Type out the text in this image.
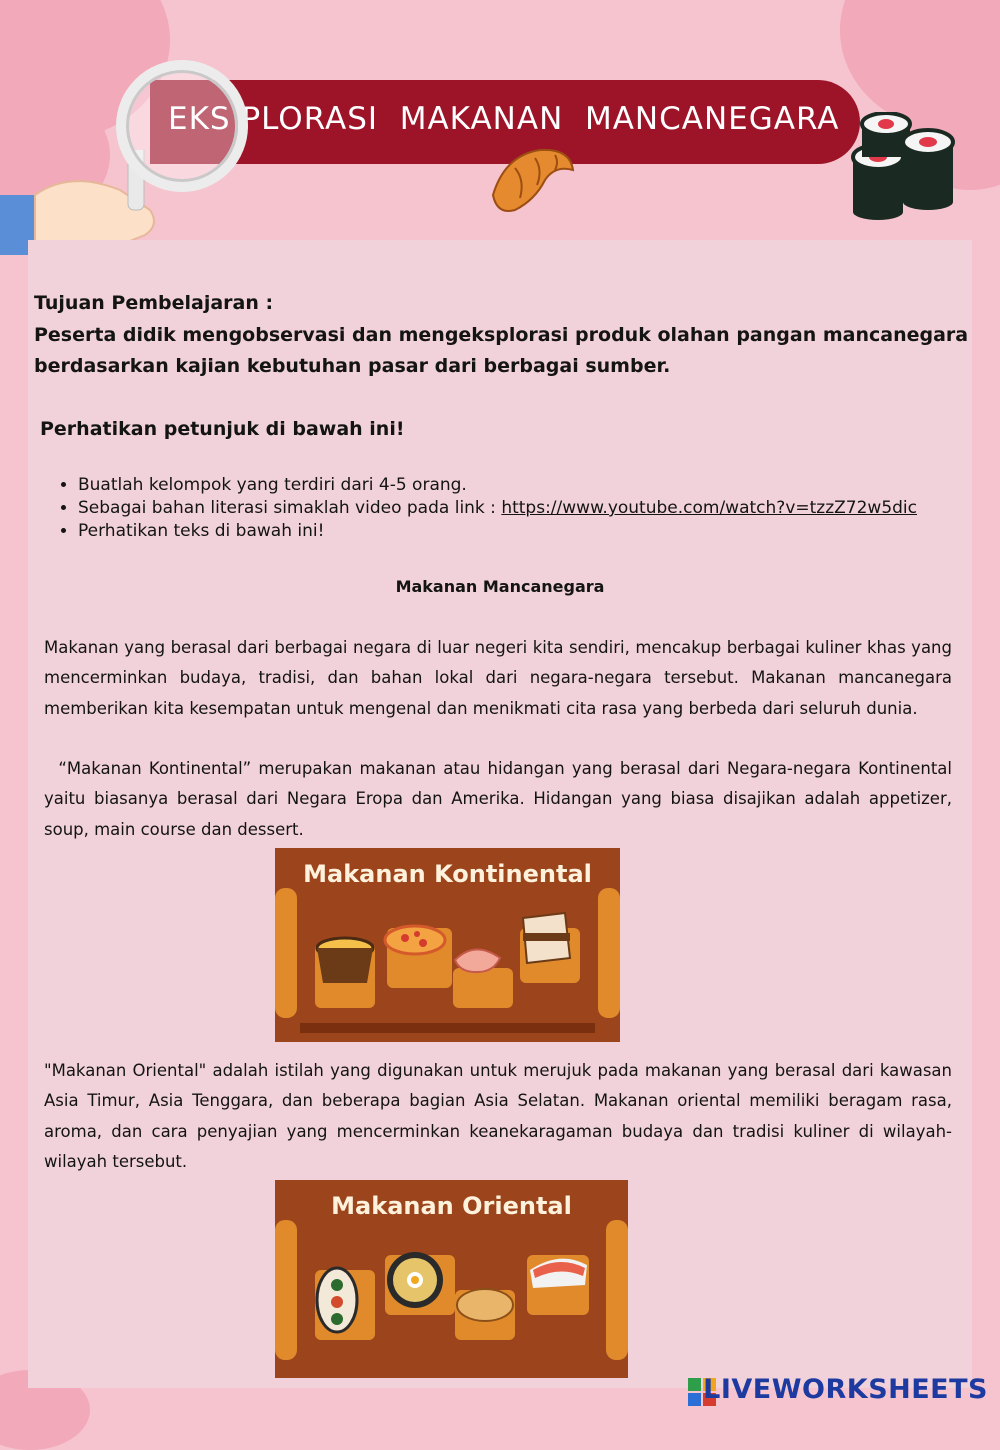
EKS PLORASI  MAKANAN  MANCANEGARA
Tujuan Pembelajaran :
Peserta didik mengobservasi dan mengeksplorasi produk olahan pangan mancanegara berdasarkan kajian kebutuhan pasar dari berbagai sumber.
Perhatikan petunjuk di bawah ini!
• Buatlah kelompok yang terdiri dari 4-5 orang.
• Sebagai bahan literasi simaklah video pada link : https://www.youtube.com/watch?v=tzzZ72w5dic
• Perhatikan teks di bawah ini!
Makanan Mancanegara

Makanan yang berasal dari berbagai negara di luar negeri kita sendiri, mencakup berbagai kuliner khas yang mencerminkan budaya, tradisi, dan bahan lokal dari negara-negara tersebut. Makanan mancanegara memberikan kita kesempatan untuk mengenal dan menikmati cita rasa yang berbeda dari seluruh dunia.

“Makanan Kontinental” merupakan makanan atau hidangan yang berasal dari Negara-negara Kontinental yaitu biasanya berasal dari Negara Eropa dan Amerika. Hidangan yang biasa disajikan adalah appetizer, soup, main course dan dessert.

Makanan Kontinental

"Makanan Oriental" adalah istilah yang digunakan untuk merujuk pada makanan yang berasal dari kawasan Asia Timur, Asia Tenggara, dan beberapa bagian Asia Selatan. Makanan oriental memiliki beragam rasa, aroma, dan cara penyajian yang mencerminkan keanekaragaman budaya dan tradisi kuliner di wilayah-wilayah tersebut.

Makanan Oriental
LIVEWORKSHEETS
